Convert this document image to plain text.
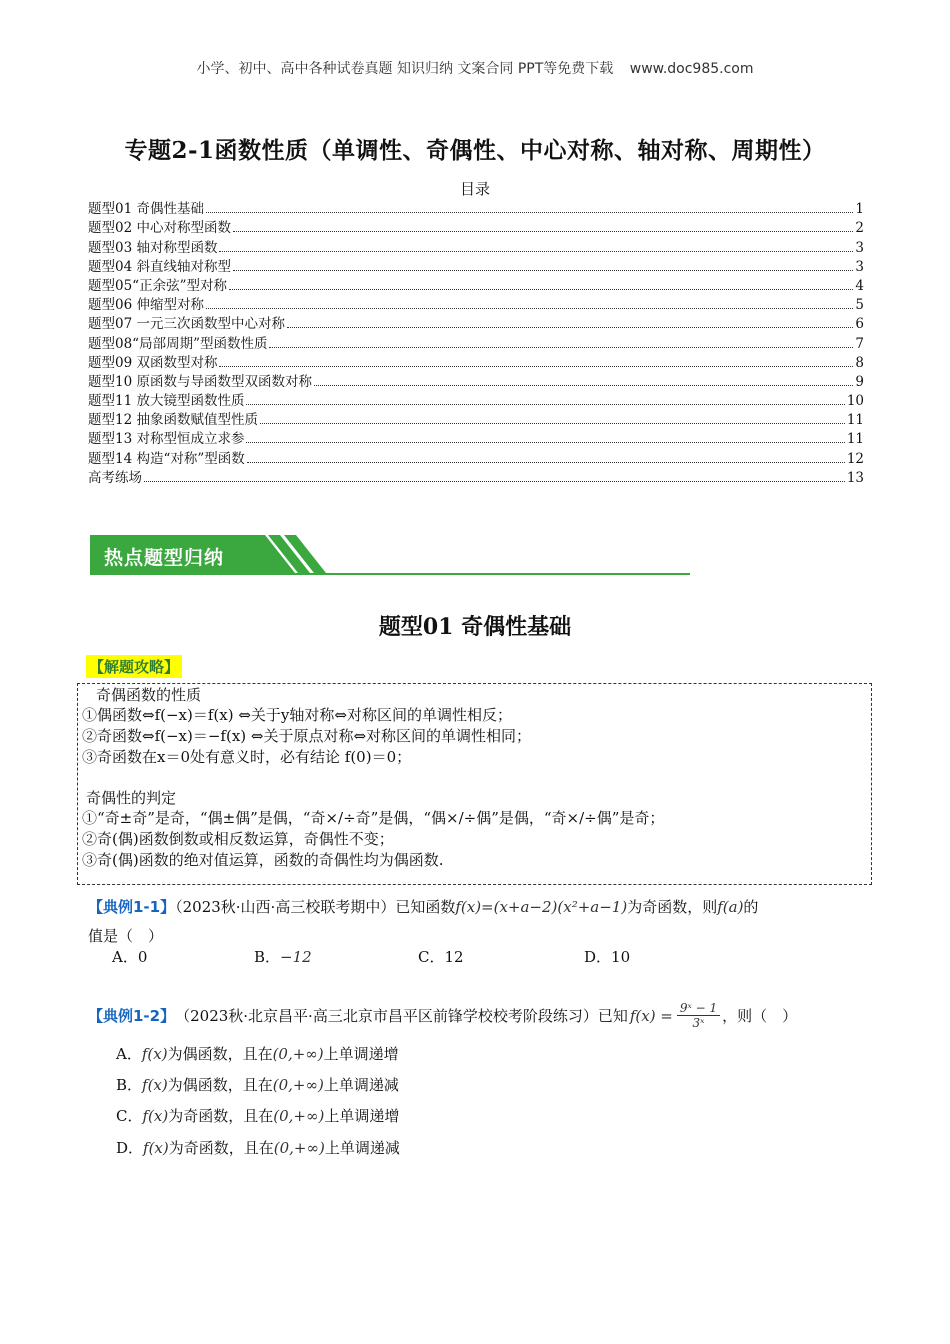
小学、初中、高中各种试卷真题 知识归纳 文案合同 PPT等免费下载 www.doc985.com
专题2-1函数性质（单调性、奇偶性、中心对称、轴对称、周期性）
目录
题型01 奇偶性基础	1
题型02 中心对称型函数	2
题型03 轴对称型函数	3
题型04 斜直线轴对称型	3
题型05“正余弦”型对称	4
题型06 伸缩型对称	5
题型07 一元三次函数型中心对称	6
题型08“局部周期”型函数性质	7
题型09 双函数型对称	8
题型10 原函数与导函数型双函数对称	9
题型11 放大镜型函数性质	10
题型12 抽象函数赋值型性质	11
题型13 对称型恒成立求参	11
题型14 构造“对称”型函数	12
高考练场	13
热点题型归纳
题型01 奇偶性基础
【解题攻略】
奇偶函数的性质
①偶函数⇔f(−x)＝f(x) ⇔关于y轴对称⇔对称区间的单调性相反；
②奇函数⇔f(−x)＝−f(x) ⇔关于原点对称⇔对称区间的单调性相同；
③奇函数在x＝0处有意义时，必有结论 f(0)＝0；
奇偶性的判定
①“奇±奇”是奇，“偶±偶”是偶，“奇×/÷奇”是偶，“偶×/÷偶”是偶，“奇×/÷偶”是奇；
②奇(偶)函数倒数或相反数运算，奇偶性不变；
③奇(偶)函数的绝对值运算，函数的奇偶性均为偶函数.
【典例1-1】（2023秋·山西·高三校联考期中）已知函数f(x)=(x+a−2)(x²+a−1)为奇函数，则f(a)的
值是（　）
A．0	B．−12	C．12	D．10
【典例1-2】 （2023秋·北京昌平·高三北京市昌平区前锋学校校考阶段练习）已知 $f(x) = \frac{\text{9ˣ − 1}}{\text{3ˣ}}$ ，则（　）
A．f(x)为偶函数，且在(0,+∞)上单调递增
B．f(x)为偶函数，且在(0,+∞)上单调递减
C．f(x)为奇函数，且在(0,+∞)上单调递增
D．f(x)为奇函数，且在(0,+∞)上单调递减
